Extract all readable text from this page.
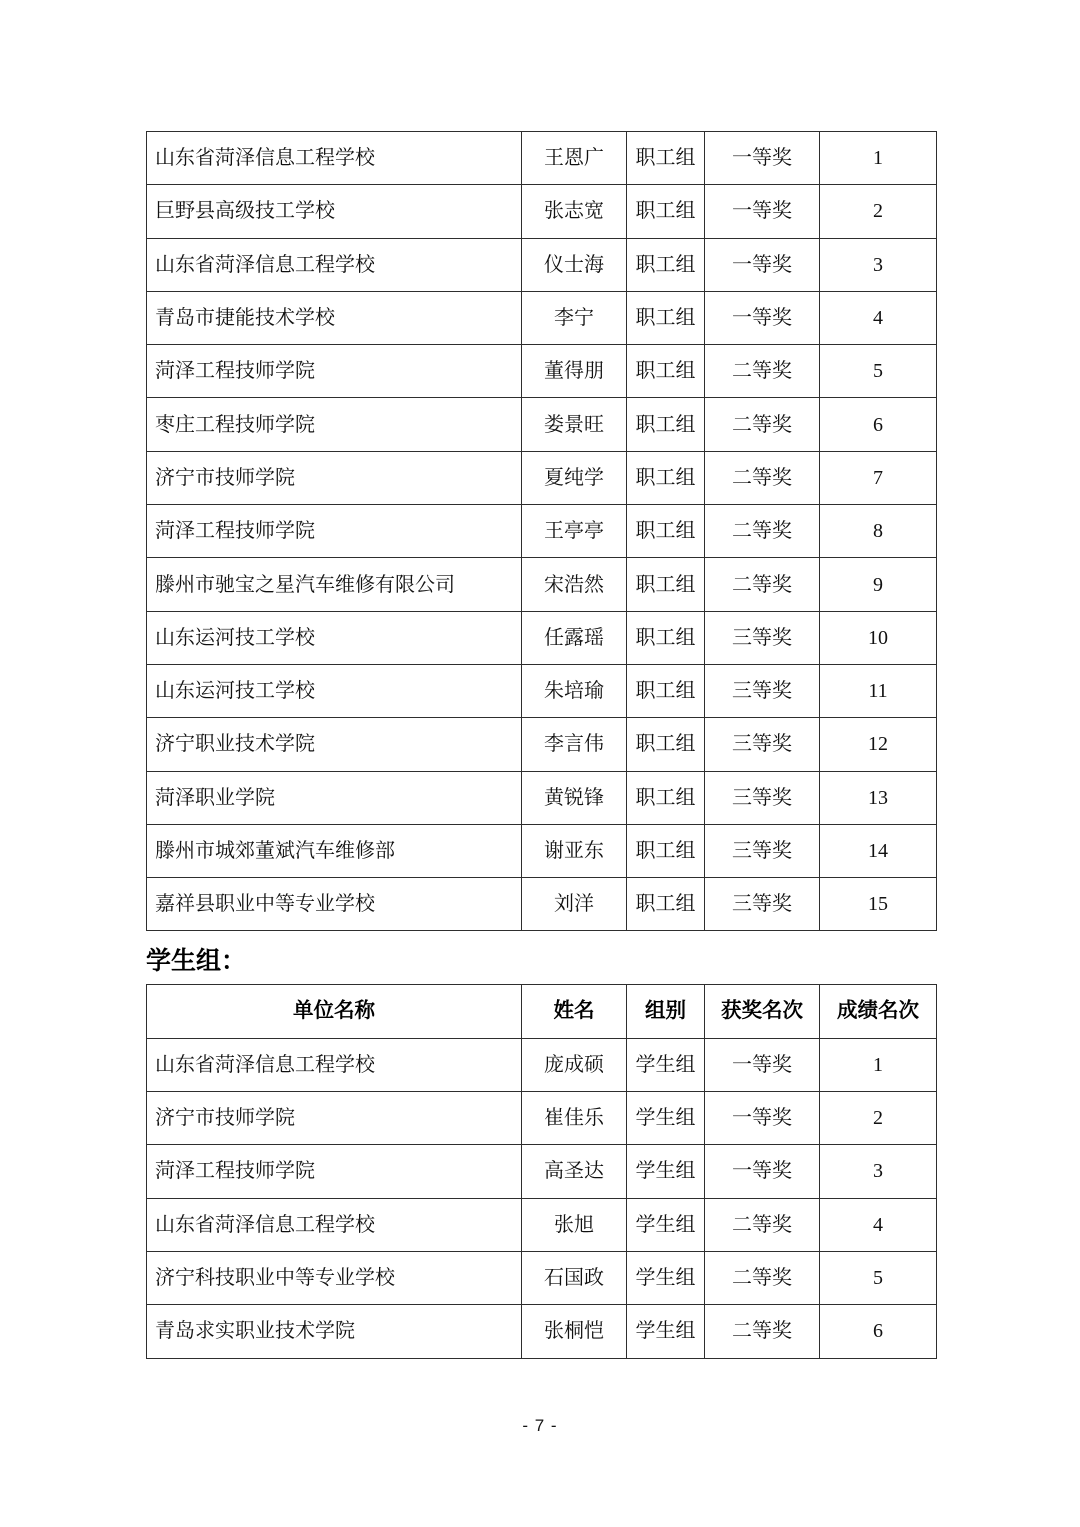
山东省菏泽信息工程学校	王恩广	职工组	一等奖	1
巨野县高级技工学校	张志宽	职工组	一等奖	2
山东省菏泽信息工程学校	仪士海	职工组	一等奖	3
青岛市捷能技术学校	李宁	职工组	一等奖	4
菏泽工程技师学院	董得朋	职工组	二等奖	5
枣庄工程技师学院	娄景旺	职工组	二等奖	6
济宁市技师学院	夏纯学	职工组	二等奖	7
菏泽工程技师学院	王亭亭	职工组	二等奖	8
滕州市驰宝之星汽车维修有限公司	宋浩然	职工组	二等奖	9
山东运河技工学校	任露瑶	职工组	三等奖	10
山东运河技工学校	朱培瑜	职工组	三等奖	11
济宁职业技术学院	李言伟	职工组	三等奖	12
菏泽职业学院	黄锐锋	职工组	三等奖	13
滕州市城郊董斌汽车维修部	谢亚东	职工组	三等奖	14
嘉祥县职业中等专业学校	刘洋	职工组	三等奖	15
学生组：
单位名称	姓名	组别	获奖名次	成绩名次
山东省菏泽信息工程学校	庞成硕	学生组	一等奖	1
济宁市技师学院	崔佳乐	学生组	一等奖	2
菏泽工程技师学院	高圣达	学生组	一等奖	3
山东省菏泽信息工程学校	张旭	学生组	二等奖	4
济宁科技职业中等专业学校	石国政	学生组	二等奖	5
青岛求实职业技术学院	张桐恺	学生组	二等奖	6
- 7 -
